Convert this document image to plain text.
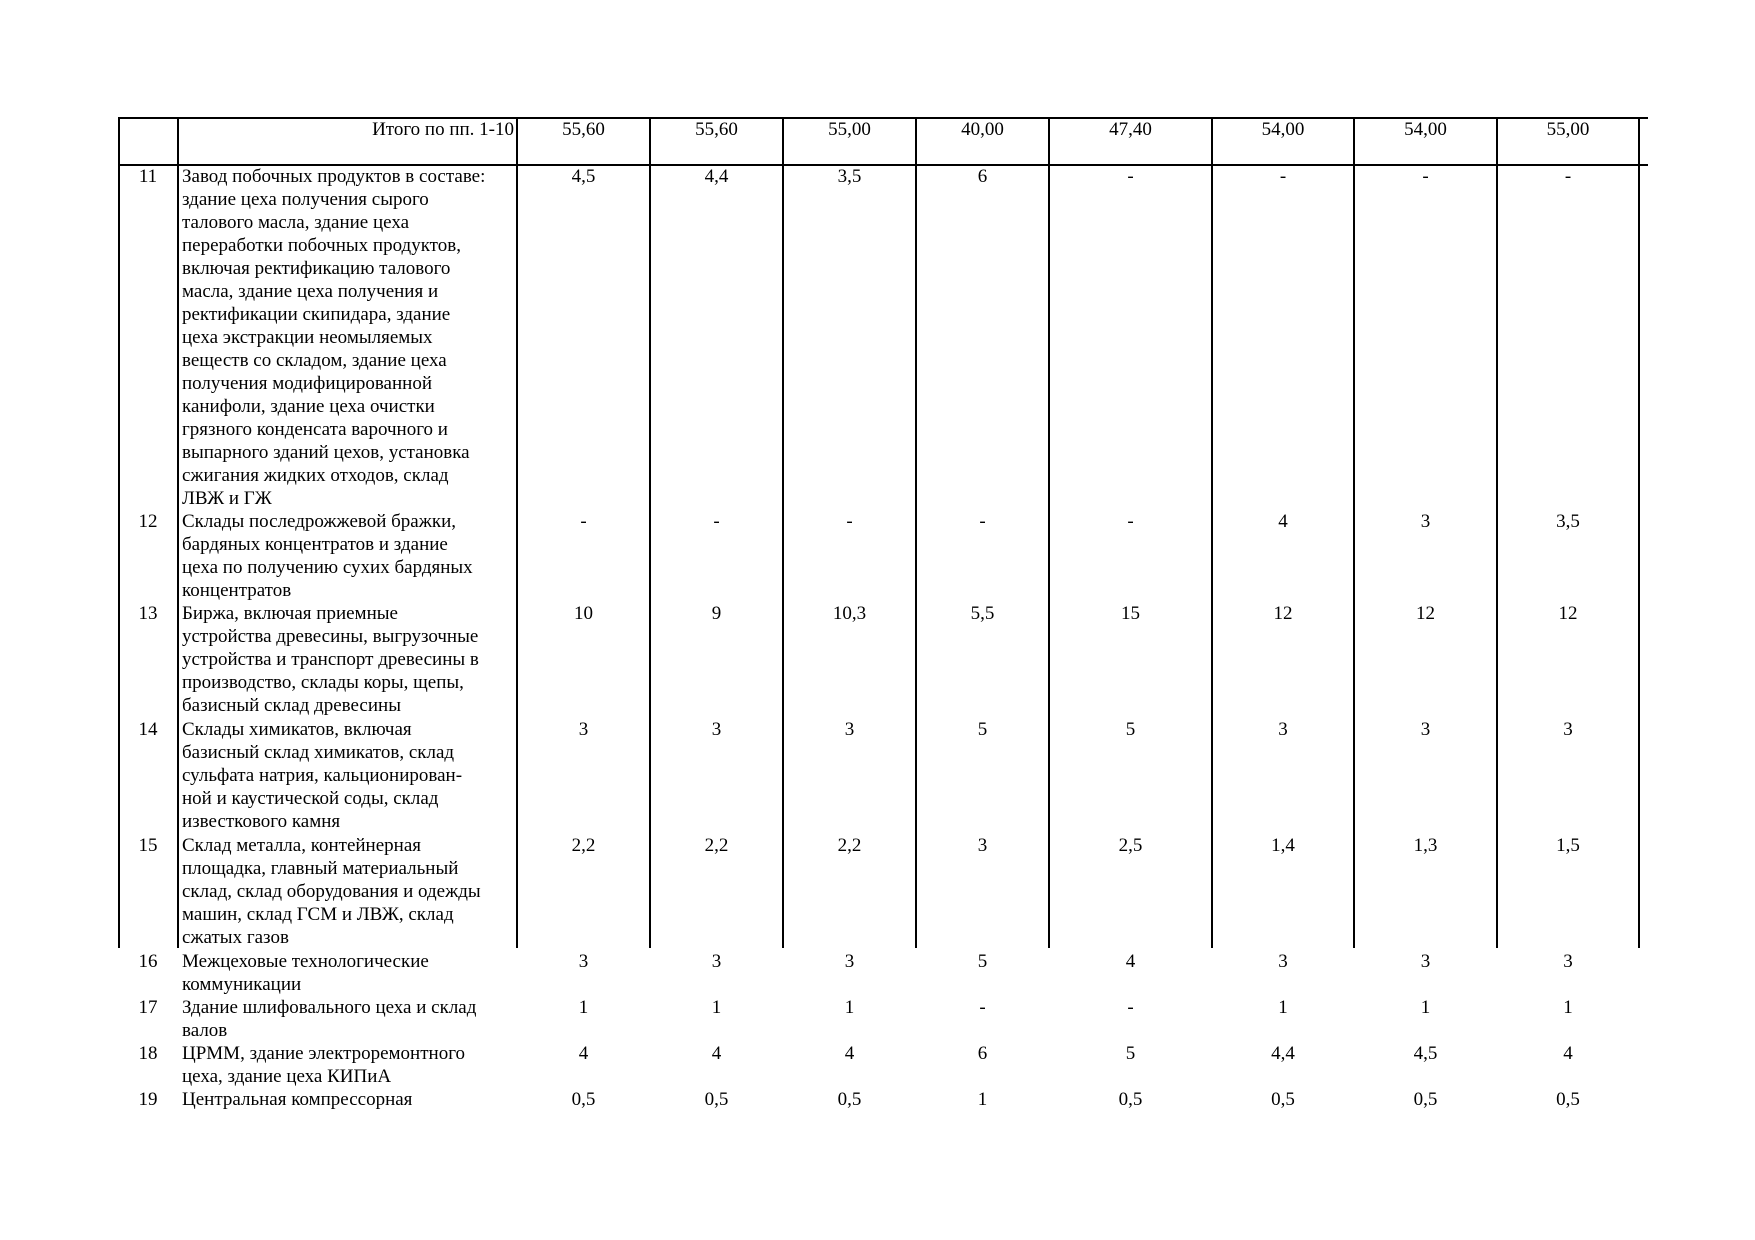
Итого по пп. 1-10	55,60	55,60	55,00	40,00	47,40	54,00	54,00	55,00
11	Завод побочных продуктов в составе:
здание цеха получения сырого
талового масла, здание цеха
переработки побочных продуктов,
включая ректификацию талового
масла, здание цеха получения и
ректификации скипидара, здание
цеха экстракции неомыляемых
веществ со складом, здание цеха
получения модифицированной
канифоли, здание цеха очистки
грязного конденсата варочного и
выпарного зданий цехов, установка
сжигания жидких отходов, склад
ЛВЖ и ГЖ
4,5	4,4	3,5	6	-	-	-	-
12	Склады последрожжевой бражки,
бардяных концентратов и здание
цеха по получению сухих бардяных
концентратов
-	-	-	-	-	4	3	3,5
13	Биржа, включая приемные
устройства древесины, выгрузочные
устройства и транспорт древесины в
производство, склады коры, щепы,
базисный склад древесины
10	9	10,3	5,5	15	12	12	12
14	Склады химикатов, включая
базисный склад химикатов, склад
сульфата натрия, кальционирован-
ной и каустической соды, склад
известкового камня
3	3	3	5	5	3	3	3
15	Склад металла, контейнерная
площадка, главный материальный
склад, склад оборудования и одежды
машин, склад ГСМ и ЛВЖ, склад
сжатых газов
2,2	2,2	2,2	3	2,5	1,4	1,3	1,5
16	Межцеховые технологические
коммуникации
3	3	3	5	4	3	3	3
17	Здание шлифовального цеха и склад
валов
1	1	1	-	-	1	1	1
18	ЦРММ, здание электроремонтного
цеха, здание цеха КИПиА
4	4	4	6	5	4,4	4,5	4
19	Центральная компрессорная	0,5	0,5	0,5	1	0,5	0,5	0,5	0,5
